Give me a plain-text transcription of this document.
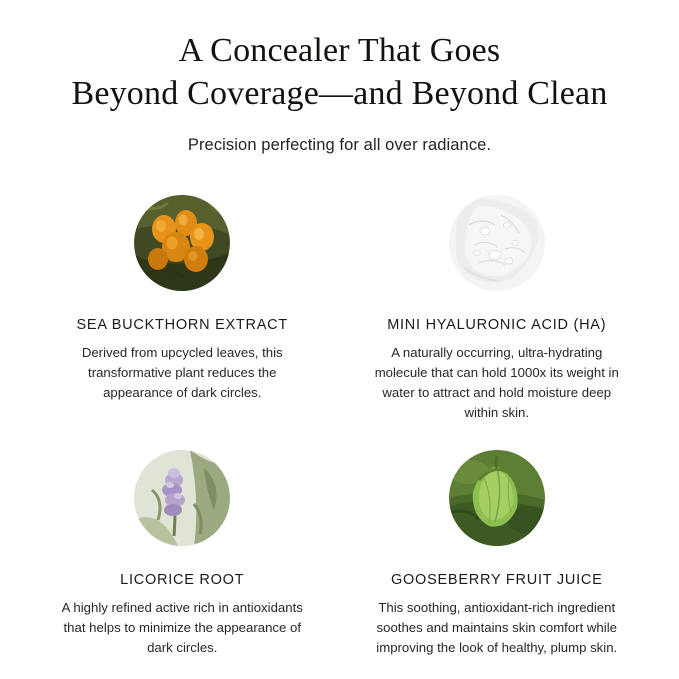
A Concealer That Goes
Beyond Coverage—and Beyond Clean
Precision perfecting for all over radiance.
SEA BUCKTHORN EXTRACT
Derived from upcycled leaves, this transformative plant reduces the appearance of dark circles.
MINI HYALURONIC ACID (HA)
A naturally occurring, ultra-hydrating molecule that can hold 1000x its weight in water to attract and hold moisture deep within skin.
LICORICE ROOT
A highly refined active rich in antioxidants that helps to minimize the appearance of dark circles.
GOOSEBERRY FRUIT JUICE
This soothing, antioxidant-rich ingredient soothes and maintains skin comfort while improving the look of healthy, plump skin.
